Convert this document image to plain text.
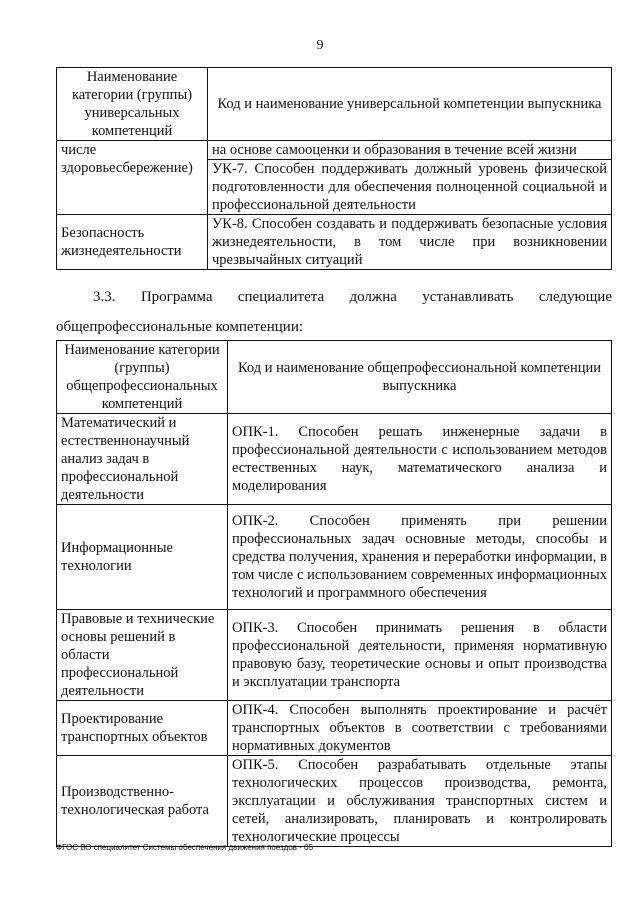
9
Наименование категории (группы) универсальных компетенций	Код и наименование универсальной компетенции выпускника
числе здоровьесбережение)	на основе самооценки и образования в течение всей жизни
	УК-7. Способен поддерживать должный уровень физической подготовленности для обеспечения полноценной социальной и профессиональной деятельности
Безопасность жизнедеятельности	УК-8. Способен создавать и поддерживать безопасные условия жизнедеятельности, в том числе при возникновении чрезвычайных ситуаций
3.3. Программа специалитета должна устанавливать следующие
общепрофессиональные компетенции:
Наименование категории (группы) общепрофессиональных компетенций	Код и наименование общепрофессиональной компетенции выпускника
Математический и естественнонаучный анализ задач в профессиональной деятельности	ОПК-1. Способен решать инженерные задачи в профессиональной деятельности с использованием методов естественных наук, математического анализа и моделирования
Информационные технологии	ОПК-2. Способен применять при решении профессиональных задач основные методы, способы и средства получения, хранения и переработки информации, в том числе с использованием современных информационных технологий и программного обеспечения
Правовые и технические основы решений в области профессиональной деятельности	ОПК-3. Способен принимать решения в области профессиональной деятельности, применяя нормативную правовую базу, теоретические основы и опыт производства и эксплуатации транспорта
Проектирование транспортных объектов	ОПК-4. Способен выполнять проектирование и расчёт транспортных объектов в соответствии с требованиями нормативных документов
Производственно-технологическая работа	ОПК-5. Способен разрабатывать отдельные этапы технологических процессов производства, ремонта, эксплуатации и обслуживания транспортных систем и сетей, анализировать, планировать и контролировать технологические процессы
ФГОС ВО специалитет Системы обеспечения движения поездов - 05
